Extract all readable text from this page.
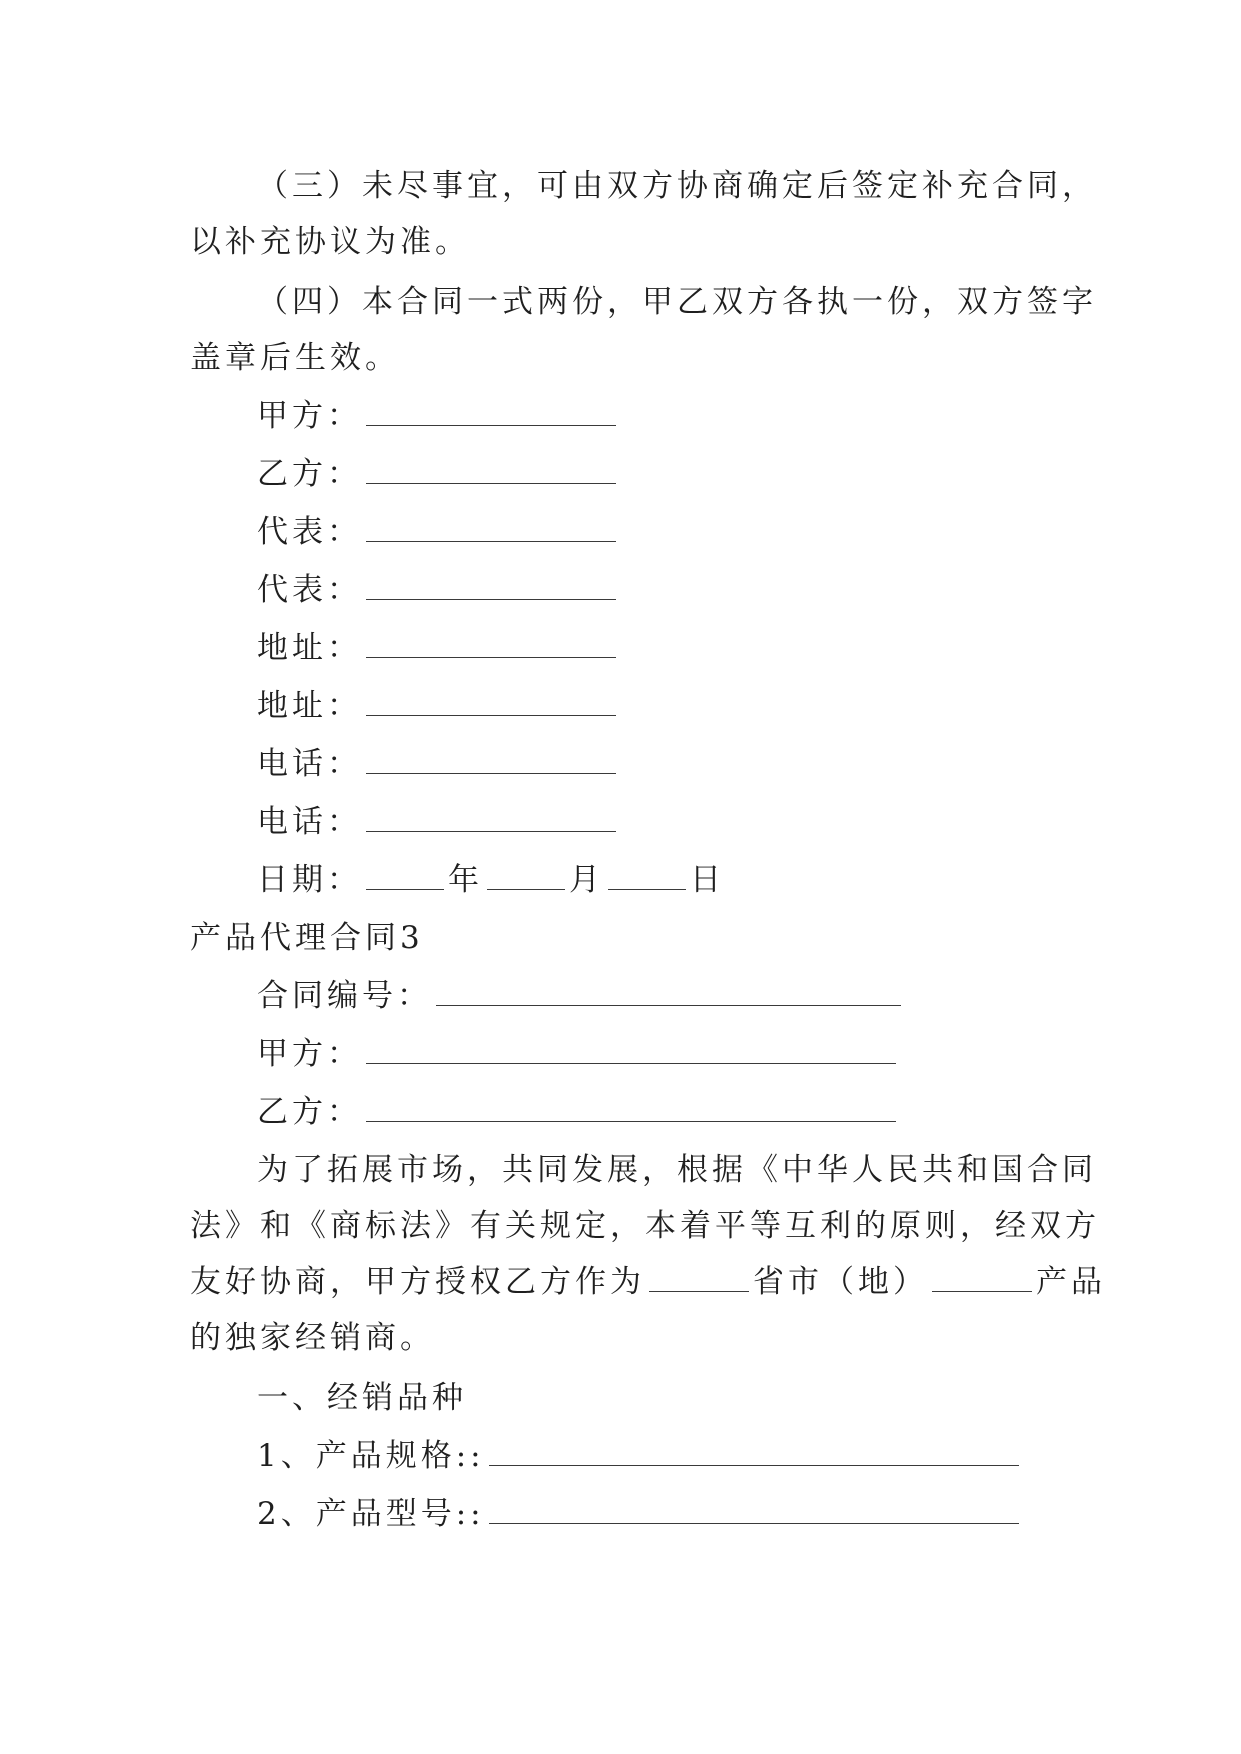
（三）未尽事宜，可由双方协商确定后签定补充合同，
以补充协议为准。
（四）本合同一式两份，甲乙双方各执一份，双方签字
盖章后生效。
甲方：
乙方：
代表：
代表：
地址：
地址：
电话：
电话：
日期：	年	月	日
产品代理合同3
合同编号：
甲方：
乙方：
为了拓展市场，共同发展，根据《中华人民共和国合同
法》和《商标法》有关规定，本着平等互利的原则，经双方
友好协商，甲方授权乙方作为	省市（地）	产品
的独家经销商。
一、经销品种
1、产品规格::
2、产品型号::
